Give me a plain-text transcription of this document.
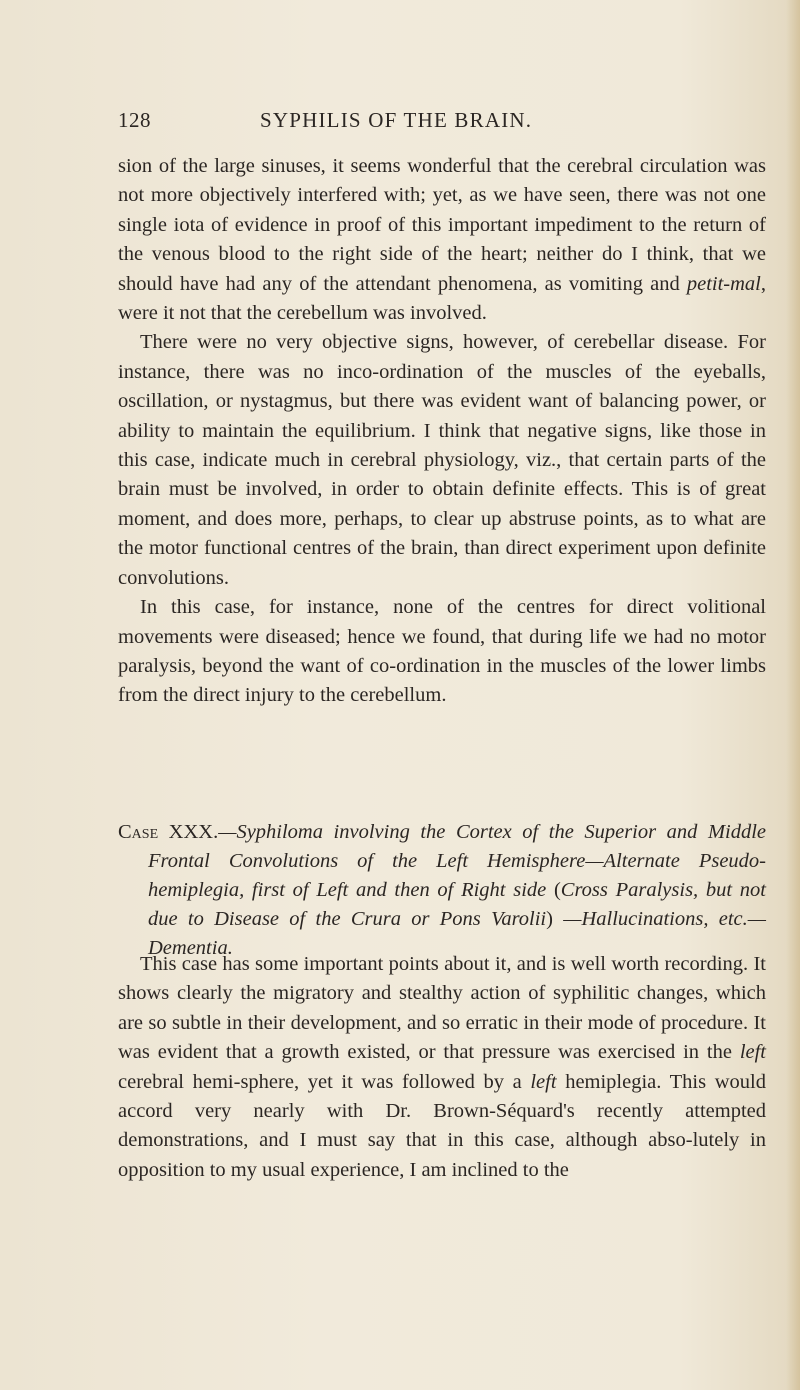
128	SYPHILIS OF THE BRAIN.

sion of the large sinuses, it seems wonderful that the cerebral circulation was not more objectively interfered with; yet, as we have seen, there was not one single iota of evidence in proof of this important impediment to the return of the venous blood to the right side of the heart; neither do I think, that we should have had any of the attendant phenomena, as vomiting and petit-mal, were it not that the cerebellum was involved.

There were no very objective signs, however, of cerebellar disease. For instance, there was no inco-ordination of the muscles of the eyeballs, oscillation, or nystagmus, but there was evident want of balancing power, or ability to maintain the equilibrium. I think that negative signs, like those in this case, indicate much in cerebral physiology, viz., that certain parts of the brain must be involved, in order to obtain definite effects. This is of great moment, and does more, perhaps, to clear up abstruse points, as to what are the motor functional centres of the brain, than direct experiment upon definite convolutions.

In this case, for instance, none of the centres for direct volitional movements were diseased; hence we found, that during life we had no motor paralysis, beyond the want of co-ordination in the muscles of the lower limbs from the direct injury to the cerebellum.

Case XXX.—Syphiloma involving the Cortex of the Superior and Middle Frontal Convolutions of the Left Hemisphere—Alternate Pseudo-hemiplegia, first of Left and then of Right side (Cross Paralysis, but not due to Disease of the Crura or Pons Varolii) —Hallucinations, etc.—Dementia.

This case has some important points about it, and is well worth recording. It shows clearly the migratory and stealthy action of syphilitic changes, which are so subtle in their development, and so erratic in their mode of procedure. It was evident that a growth existed, or that pressure was exercised in the left cerebral hemi-sphere, yet it was followed by a left hemiplegia. This would accord very nearly with Dr. Brown-Séquard's recently attempted demonstrations, and I must say that in this case, although abso-lutely in opposition to my usual experience, I am inclined to the
